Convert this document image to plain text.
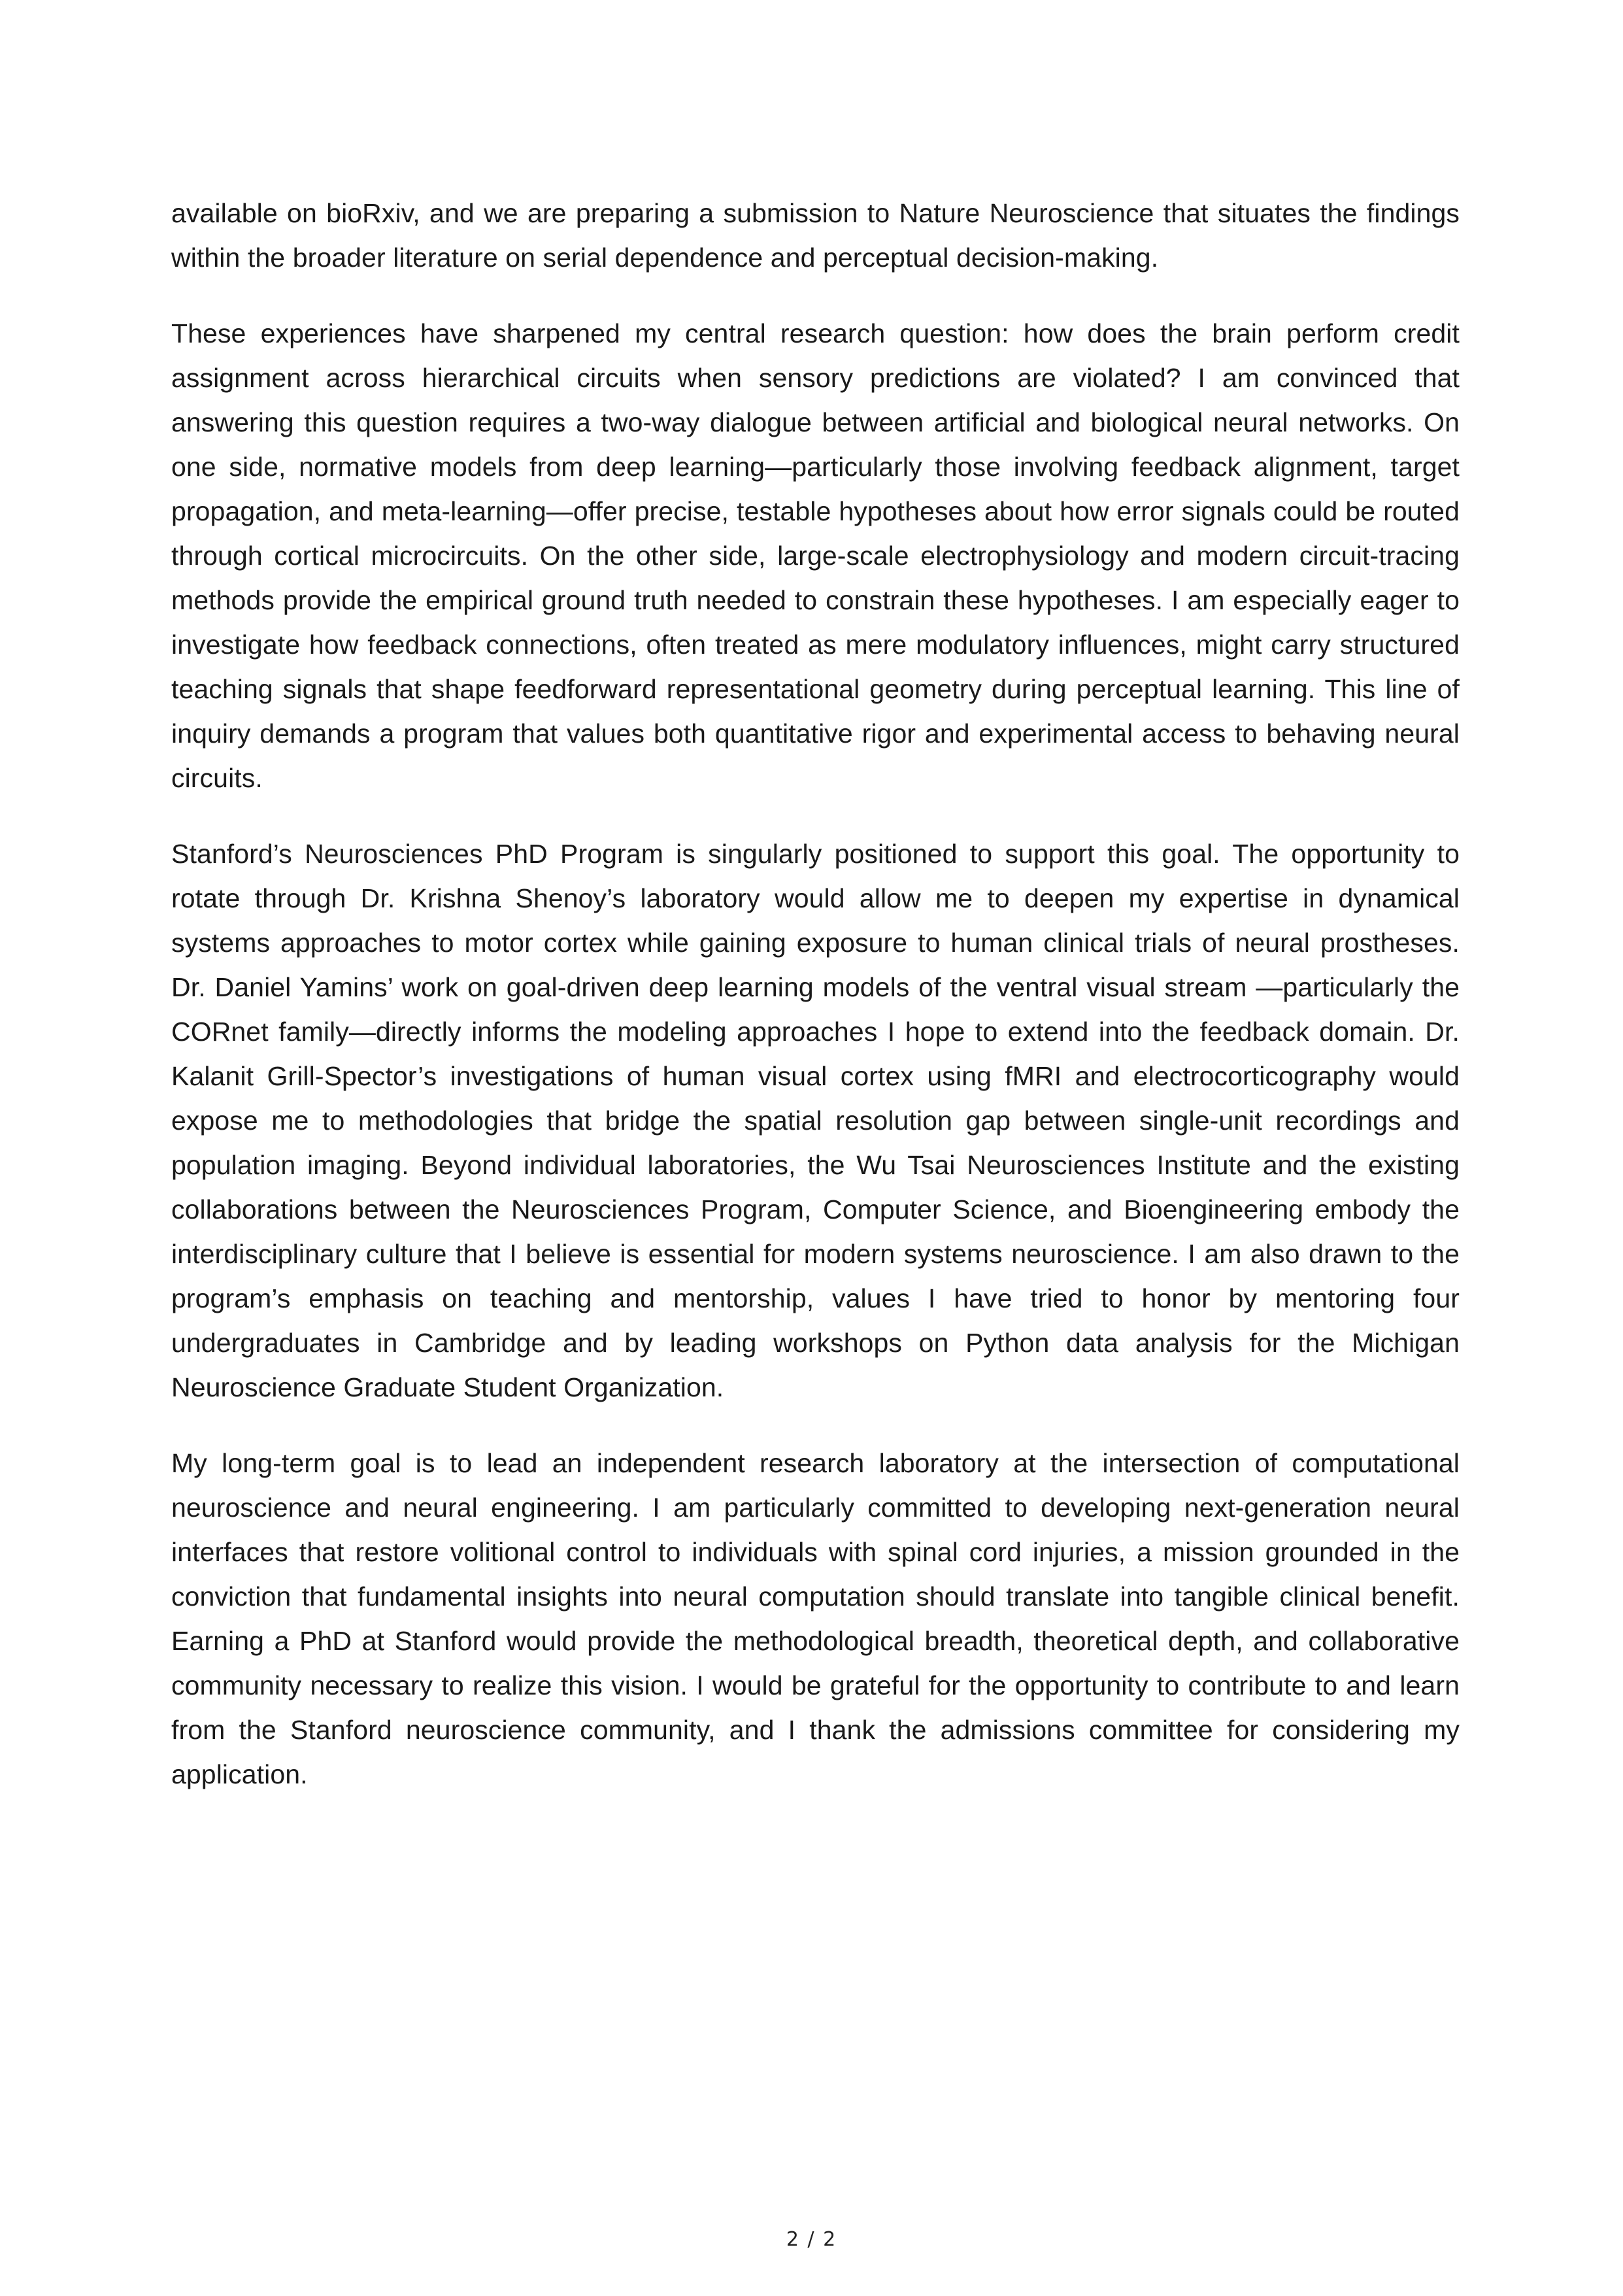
available on bioRxiv, and we are preparing a submission to Nature Neuroscience that situates the findings within the broader literature on serial dependence and perceptual decision-making.

These experiences have sharpened my central research question: how does the brain perform credit assignment across hierarchical circuits when sensory predictions are violated? I am convinced that answering this question requires a two-way dialogue between artificial and biological neural networks. On one side, normative models from deep learning—particularly those involving feedback alignment, target propagation, and meta-learning—offer precise, testable hypotheses about how error signals could be routed through cortical microcircuits. On the other side, large-scale electrophysiology and modern circuit-tracing methods provide the empirical ground truth needed to constrain these hypotheses. I am especially eager to investigate how feedback connections, often treated as mere modulatory influences, might carry structured teaching signals that shape feedforward representational geometry during perceptual learning. This line of inquiry demands a program that values both quantitative rigor and experimental access to behaving neural circuits.

Stanford’s Neurosciences PhD Program is singularly positioned to support this goal. The opportunity to rotate through Dr. Krishna Shenoy’s laboratory would allow me to deepen my expertise in dynamical systems approaches to motor cortex while gaining exposure to human clinical trials of neural prostheses. Dr. Daniel Yamins’ work on goal-driven deep learning models of the ventral visual stream —particularly the CORnet family—directly informs the modeling approaches I hope to extend into the feedback domain. Dr. Kalanit Grill-Spector’s investigations of human visual cortex using fMRI and electrocorticography would expose me to methodologies that bridge the spatial resolution gap between single-unit recordings and population imaging. Beyond individual laboratories, the Wu Tsai Neurosciences Institute and the existing collaborations between the Neurosciences Program, Computer Science, and Bioengineering embody the interdisciplinary culture that I believe is essential for modern systems neuroscience. I am also drawn to the program’s emphasis on teaching and mentorship, values I have tried to honor by mentoring four undergraduates in Cambridge and by leading workshops on Python data analysis for the Michigan Neuroscience Graduate Student Organization.

My long-term goal is to lead an independent research laboratory at the intersection of computational neuroscience and neural engineering. I am particularly committed to developing next-generation neural interfaces that restore volitional control to individuals with spinal cord injuries, a mission grounded in the conviction that fundamental insights into neural computation should translate into tangible clinical benefit. Earning a PhD at Stanford would provide the methodological breadth, theoretical depth, and collaborative community necessary to realize this vision. I would be grateful for the opportunity to contribute to and learn from the Stanford neuroscience community, and I thank the admissions committee for considering my application.

2 / 2
